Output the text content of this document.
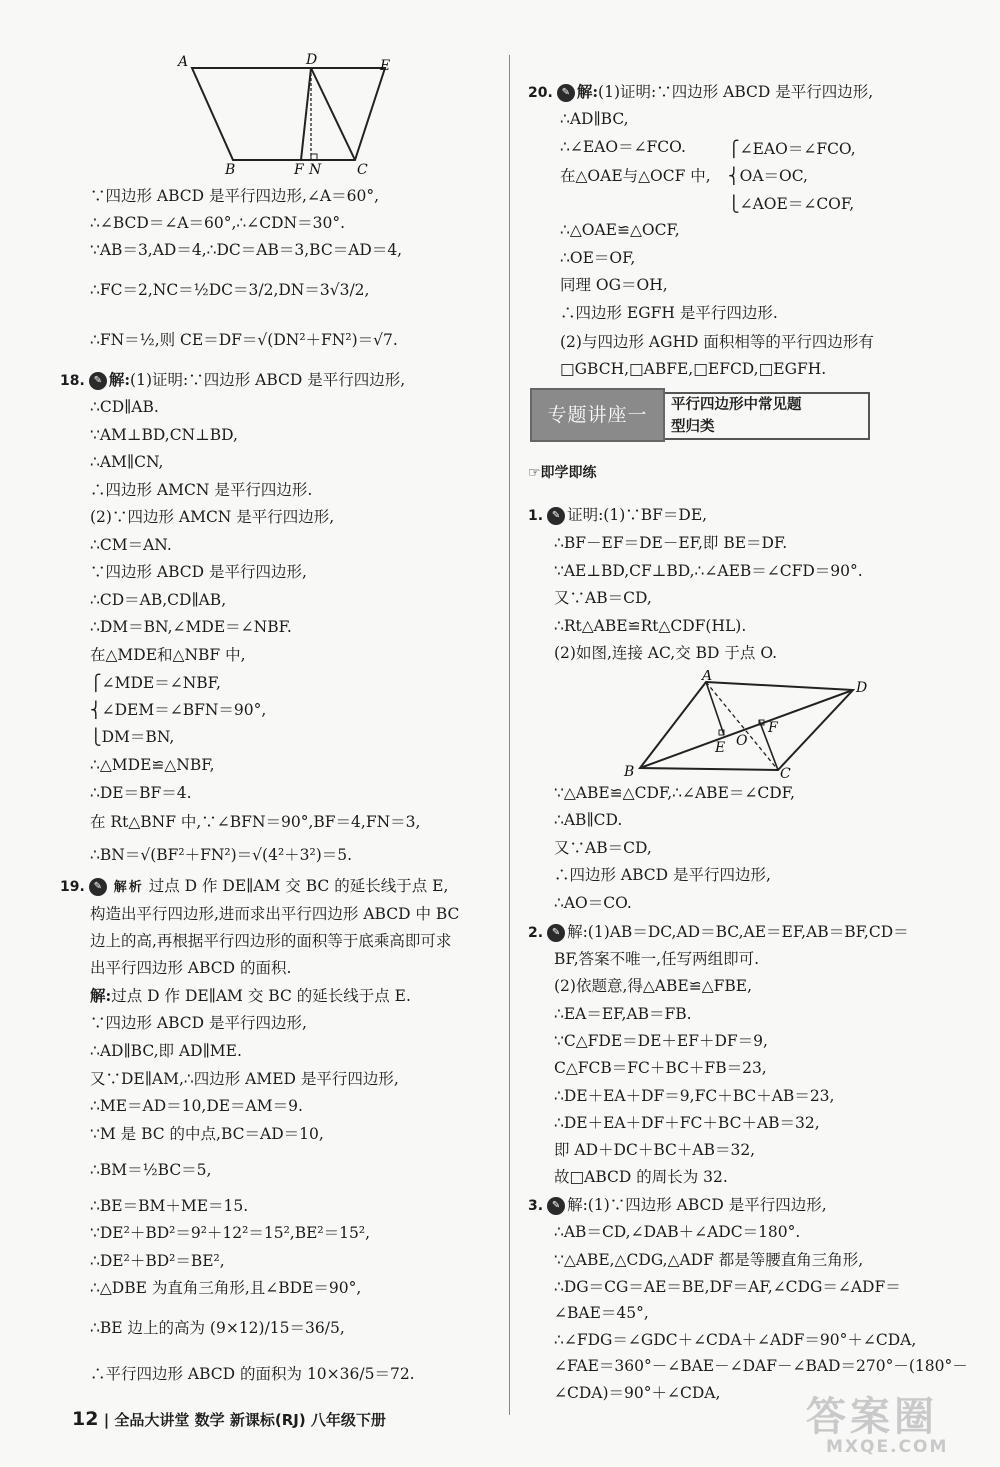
A	D	E
B	F N	C
∵四边形 ABCD 是平行四边形,∠A＝60°,
∴∠BCD＝∠A＝60°,∴∠CDN＝30°.
∵AB＝3,AD＝4,∴DC＝AB＝3,BC＝AD＝4,
∴FC＝2,NC＝½DC＝3/2,DN＝3√3/2,
∴FN＝½,则 CE＝DF＝√(DN²＋FN²)＝√7.
18. ✎ 解:(1)证明:∵四边形 ABCD 是平行四边形,
∴CD∥AB.
∵AM⊥BD,CN⊥BD,
∴AM∥CN,
∴四边形 AMCN 是平行四边形.
(2)∵四边形 AMCN 是平行四边形,
∴CM＝AN.
∵四边形 ABCD 是平行四边形,
∴CD＝AB,CD∥AB,
∴DM＝BN,∠MDE＝∠NBF.
在△MDE和△NBF 中,
⎧∠MDE＝∠NBF,
⎨∠DEM＝∠BFN＝90°,
⎩DM＝BN,
∴△MDE≌△NBF,
∴DE＝BF＝4.
在 Rt△BNF 中,∵∠BFN＝90°,BF＝4,FN＝3,
∴BN＝√(BF²＋FN²)＝√(4²＋3²)＝5.
19. ✎ 解析 过点 D 作 DE∥AM 交 BC 的延长线于点 E,
构造出平行四边形,进而求出平行四边形 ABCD 中 BC
边上的高,再根据平行四边形的面积等于底乘高即可求
出平行四边形 ABCD 的面积.
解:过点 D 作 DE∥AM 交 BC 的延长线于点 E.
∵四边形 ABCD 是平行四边形,
∴AD∥BC,即 AD∥ME.
又∵DE∥AM,∴四边形 AMED 是平行四边形,
∴ME＝AD＝10,DE＝AM＝9.
∵M 是 BC 的中点,BC＝AD＝10,
∴BM＝½BC＝5,
∴BE＝BM＋ME＝15.
∵DE²＋BD²＝9²＋12²＝15²,BE²＝15²,
∴DE²＋BD²＝BE²,
∴△DBE 为直角三角形,且∠BDE＝90°,
∴BE 边上的高为 (9×12)/15＝36/5,
∴平行四边形 ABCD 的面积为 10×36/5＝72.
20. ✎ 解:(1)证明:∵四边形 ABCD 是平行四边形,
∴AD∥BC,
∴∠EAO＝∠FCO.
在△OAE与△OCF 中,
⎧∠EAO＝∠FCO,
⎨OA＝OC,
⎩∠AOE＝∠COF,
∴△OAE≌△OCF,
∴OE＝OF,
同理 OG＝OH,
∴四边形 EGFH 是平行四边形.
(2)与四边形 AGHD 面积相等的平行四边形有
□GBCH,□ABFE,□EFCD,□EGFH.
专题讲座一	平行四边形中常见题
型归类
☞即学即练
1. ✎ 证明:(1)∵BF＝DE,
∴BF－EF＝DE－EF,即 BE＝DF.
∵AE⊥BD,CF⊥BD,∴∠AEB＝∠CFD＝90°.
又∵AB＝CD,
∴Rt△ABE≌Rt△CDF(HL).
(2)如图,连接 AC,交 BD 于点 O.
A
D
F
E O
B	C
∵△ABE≌△CDF,∴∠ABE＝∠CDF,
∴AB∥CD.
又∵AB＝CD,
∴四边形 ABCD 是平行四边形,
∴AO＝CO.
2. ✎ 解:(1)AB＝DC,AD＝BC,AE＝EF,AB＝BF,CD＝
BF,答案不唯一,任写两组即可.
(2)依题意,得△ABE≌△FBE,
∴EA＝EF,AB＝FB.
∵C△FDE＝DE＋EF＋DF＝9,
C△FCB＝FC＋BC＋FB＝23,
∴DE＋EA＋DF＝9,FC＋BC＋AB＝23,
∴DE＋EA＋DF＋FC＋BC＋AB＝32,
即 AD＋DC＋BC＋AB＝32,
故□ABCD 的周长为 32.
3. ✎ 解:(1)∵四边形 ABCD 是平行四边形,
∴AB＝CD,∠DAB＋∠ADC＝180°.
∵△ABE,△CDG,△ADF 都是等腰直角三角形,
∴DG＝CG＝AE＝BE,DF＝AF,∠CDG＝∠ADF＝
∠BAE＝45°,
∴∠FDG＝∠GDC＋∠CDA＋∠ADF＝90°＋∠CDA,
∠FAE＝360°－∠BAE－∠DAF－∠BAD＝270°－(180°－
∠CDA)＝90°＋∠CDA,
12 | 全品大讲堂 数学 新课标(RJ) 八年级下册	答案圈
MXQE.COM
